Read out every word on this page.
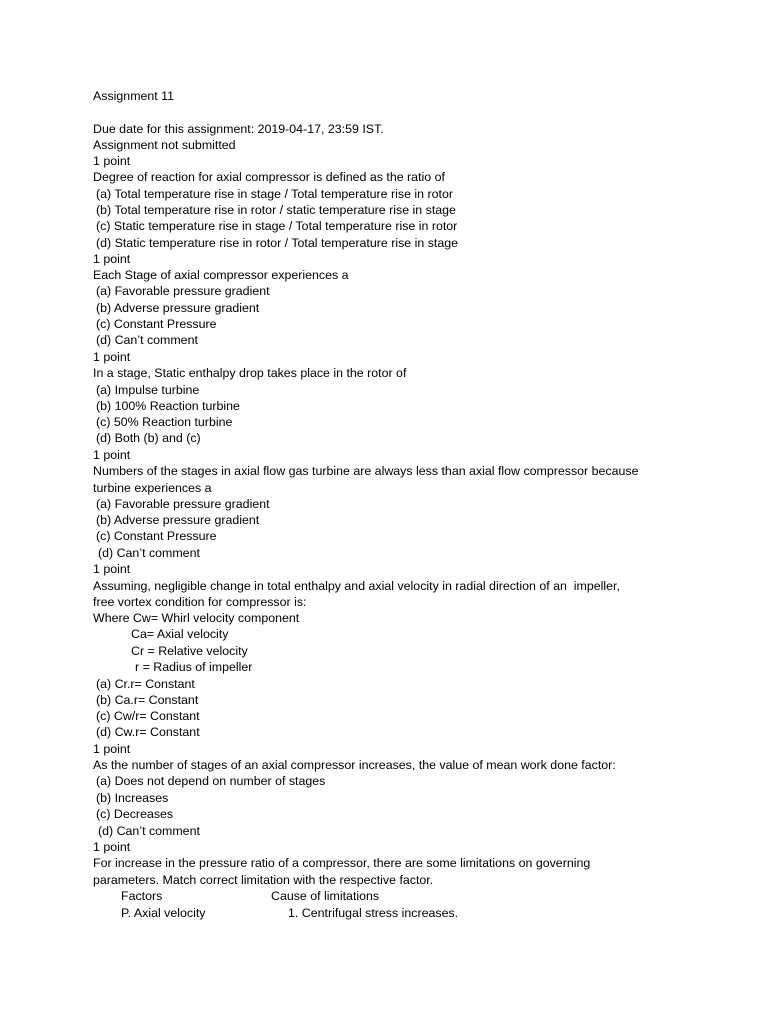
Assignment 11
Due date for this assignment: 2019-04-17, 23:59 IST.
Assignment not submitted
1 point
Degree of reaction for axial compressor is defined as the ratio of
(a) Total temperature rise in stage / Total temperature rise in rotor
(b) Total temperature rise in rotor / static temperature rise in stage
(c) Static temperature rise in stage / Total temperature rise in rotor
(d) Static temperature rise in rotor / Total temperature rise in stage
1 point
Each Stage of axial compressor experiences a
(a) Favorable pressure gradient
(b) Adverse pressure gradient
(c) Constant Pressure
(d) Can’t comment
1 point
In a stage, Static enthalpy drop takes place in the rotor of
(a) Impulse turbine
(b) 100% Reaction turbine
(c) 50% Reaction turbine
(d) Both (b) and (c)
1 point
Numbers of the stages in axial flow gas turbine are always less than axial flow compressor because
turbine experiences a
(a) Favorable pressure gradient
(b) Adverse pressure gradient
(c) Constant Pressure
(d) Can’t comment
1 point
Assuming, negligible change in total enthalpy and axial velocity in radial direction of an  impeller,
free vortex condition for compressor is:
Where Cw= Whirl velocity component
Ca= Axial velocity
Cr = Relative velocity
r = Radius of impeller
(a) Cr.r= Constant
(b) Ca.r= Constant
(c) Cw/r= Constant
(d) Cw.r= Constant
1 point
As the number of stages of an axial compressor increases, the value of mean work done factor:
(a) Does not depend on number of stages
(b) Increases
(c) Decreases
(d) Can’t comment
1 point
For increase in the pressure ratio of a compressor, there are some limitations on governing
parameters. Match correct limitation with the respective factor.
Factors	Cause of limitations
P. Axial velocity	1. Centrifugal stress increases.
